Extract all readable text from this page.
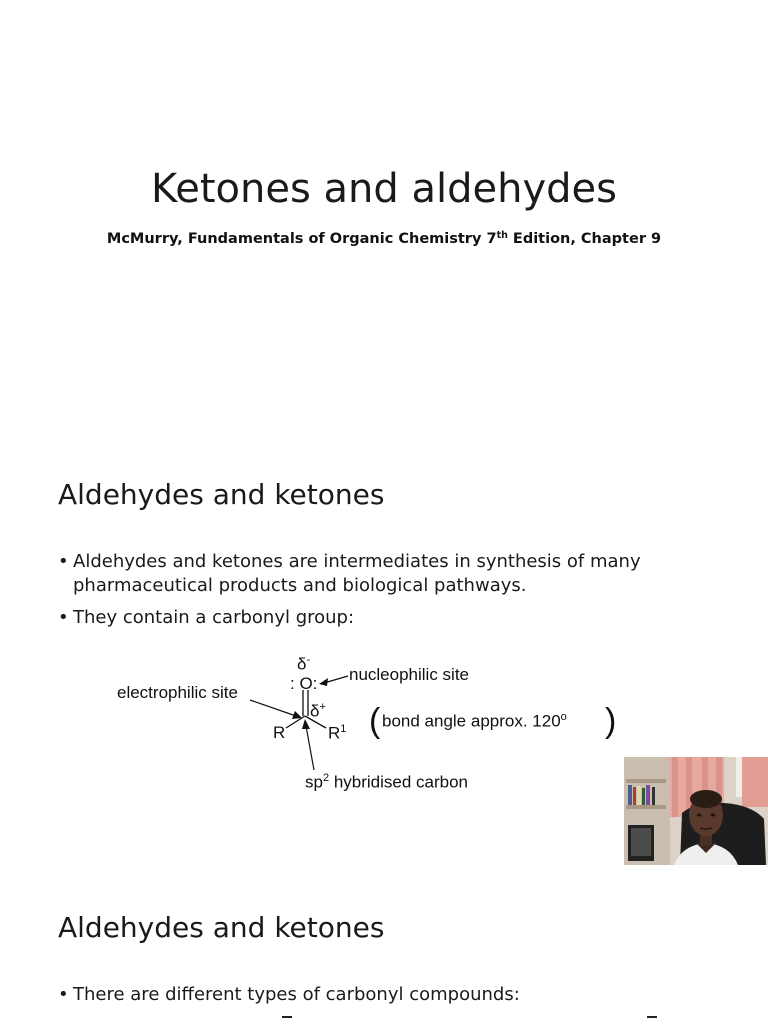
Ketones and aldehydes
McMurry, Fundamentals of Organic Chemistry 7th Edition, Chapter 9
Aldehydes and ketones
• Aldehydes and ketones are intermediates in synthesis of many pharmaceutical products and biological pathways.
• They contain a carbonyl group:
δ-
: O: nucleophilic site
electrophilic site
δ+
R	$R^1$ ( bond angle approx. 120$^o$ )
$sp^2$ hybridised carbon
Aldehydes and ketones
• There are different types of carbonyl compounds:
